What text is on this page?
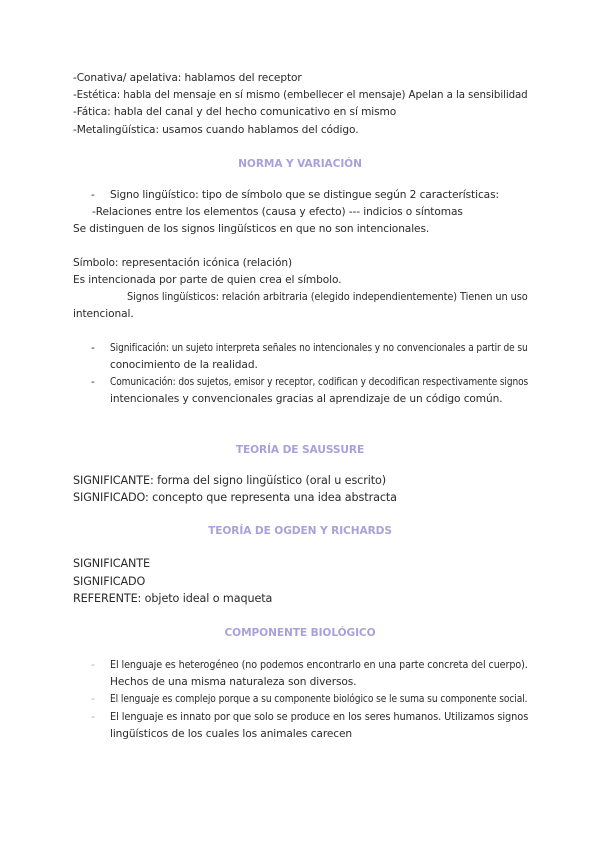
-Conativa/ apelativa: hablamos del receptor
-Estética: habla del mensaje en sí mismo (embellecer el mensaje) Apelan a la sensibilidad
-Fática: habla del canal y del hecho comunicativo en sí mismo
-Metalingüística: usamos cuando hablamos del código.
NORMA Y VARIACIÓN
- Signo lingüístico: tipo de símbolo que se distingue según 2 características:
-Relaciones entre los elementos (causa y efecto) --- indicios o síntomas
Se distinguen de los signos lingüísticos en que no son intencionales.
Símbolo: representación icónica (relación)
Es intencionada por parte de quien crea el símbolo.
Signos lingüísticos: relación arbitraria (elegido independientemente) Tienen un uso
intencional.
- Significación: un sujeto interpreta señales no intencionales y no convencionales a partir de su
conocimiento de la realidad.
- Comunicación: dos sujetos, emisor y receptor, codifican y decodifican respectivamente signos
intencionales y convencionales gracias al aprendizaje de un código común.
TEORÍA DE SAUSSURE
SIGNIFICANTE: forma del signo lingüístico (oral u escrito)
SIGNIFICADO: concepto que representa una idea abstracta
TEORÍA DE OGDEN Y RICHARDS
SIGNIFICANTE
SIGNIFICADO
REFERENTE: objeto ideal o maqueta
COMPONENTE BIOLÓGICO
- El lenguaje es heterogéneo (no podemos encontrarlo en una parte concreta del cuerpo).
Hechos de una misma naturaleza son diversos.
- El lenguaje es complejo porque a su componente biológico se le suma su componente social.
- El lenguaje es innato por que solo se produce en los seres humanos. Utilizamos signos
lingüísticos de los cuales los animales carecen
